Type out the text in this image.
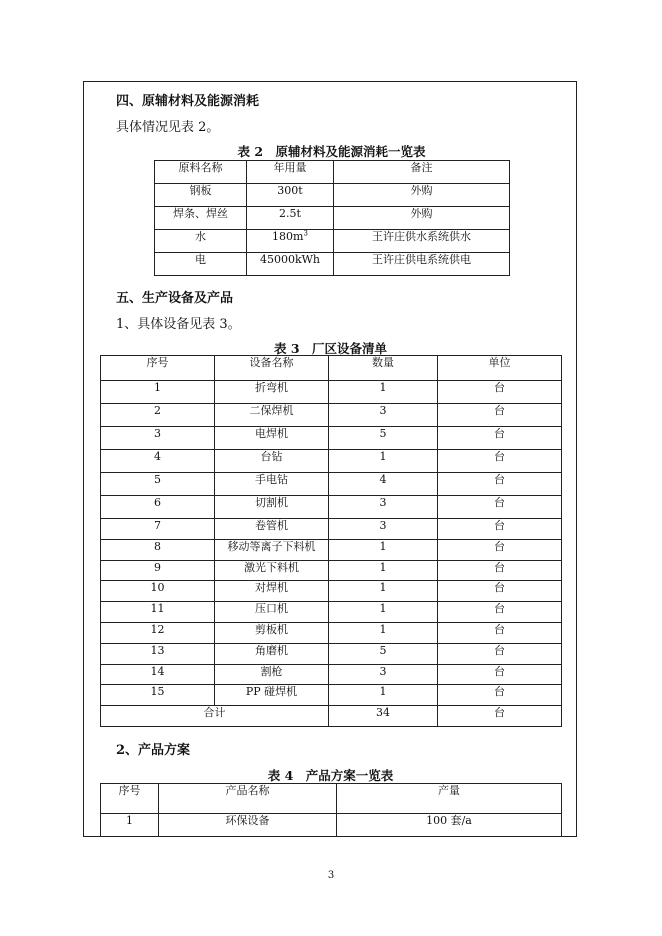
四、原辅材料及能源消耗
具体情况见表 2。
表 2　原辅材料及能源消耗一览表
原料名称	年用量	备注
钢板	300t	外购
焊条、焊丝	2.5t	外购
水	$180m^3$	王许庄供水系统供水
电	45000kWh	王许庄供电系统供电
五、生产设备及产品
1、具体设备见表 3。
表 3　厂区设备清单
序号	设备名称	数量	单位
1	折弯机	1	台
2	二保焊机	3	台
3	电焊机	5	台
4	台钻	1	台
5	手电钻	4	台
6	切割机	3	台
7	卷管机	3	台
8	移动等离子下料机	1	台
9	激光下料机	1	台
10	对焊机	1	台
11	压口机	1	台
12	剪板机	1	台
13	角磨机	5	台
14	割枪	3	台
15	PP 碰焊机	1	台
合计		34	台
2、产品方案
表 4　产品方案一览表
序号	产品名称	产量
1	环保设备	100 套/a
3
